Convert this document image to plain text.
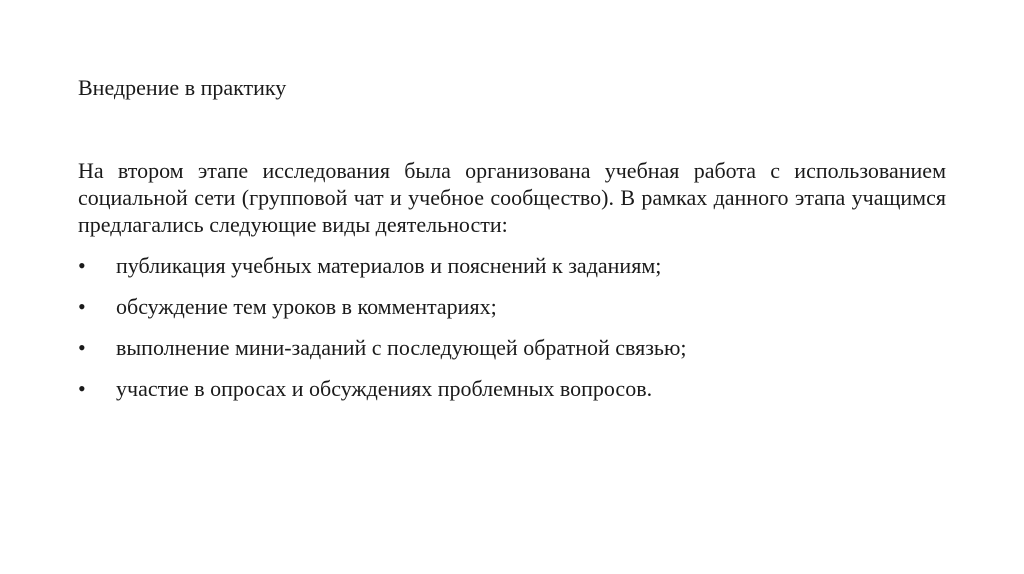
Внедрение в практику

На втором этапе исследования была организована учебная работа с использованием социальной сети (групповой чат и учебное сообщество). В рамках данного этапа учащимся предлагались следующие виды деятельности:

•	публикация учебных материалов и пояснений к заданиям;
•	обсуждение тем уроков в комментариях;
•	выполнение мини-заданий с последующей обратной связью;
•	участие в опросах и обсуждениях проблемных вопросов.
